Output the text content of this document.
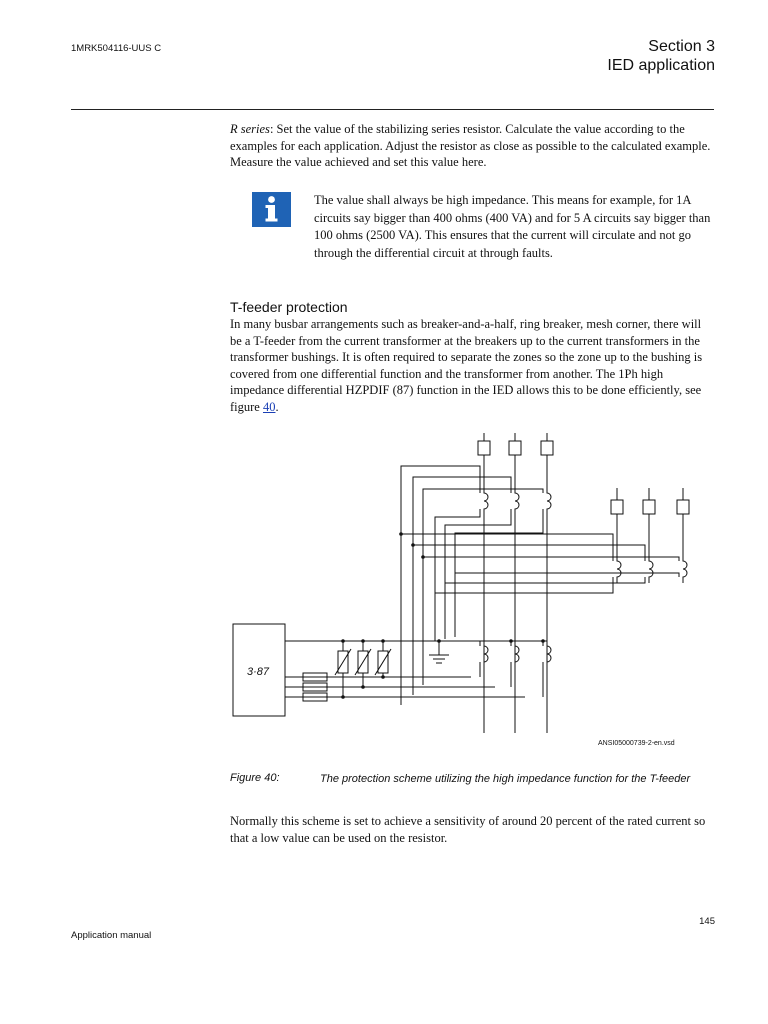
1MRK504116-UUS C	Section 3
IED application

R series: Set the value of the stabilizing series resistor. Calculate the value according to the examples for each application. Adjust the resistor as close as possible to the calculated example. Measure the value achieved and set this value here.

The value shall always be high impedance. This means for example, for 1A circuits say bigger than 400 ohms (400 VA) and for 5 A circuits say bigger than 100 ohms (2500 VA). This ensures that the current will circulate and not go through the differential circuit at through faults.

T-feeder protection

In many busbar arrangements such as breaker-and-a-half, ring breaker, mesh corner, there will be a T-feeder from the current transformer at the breakers up to the current transformers in the transformer bushings. It is often required to separate the zones so the zone up to the bushing is covered from one differential function and the transformer from another. The 1Ph high impedance differential HZPDIF (87) function in the IED allows this to be done efficiently, see figure 40.

3·87
ANSI05000739-2-en.vsd
Figure 40:	The protection scheme utilizing the high impedance function for the T-feeder

Normally this scheme is set to achieve a sensitivity of around 20 percent of the rated current so that a low value can be used on the resistor.

145
Application manual
